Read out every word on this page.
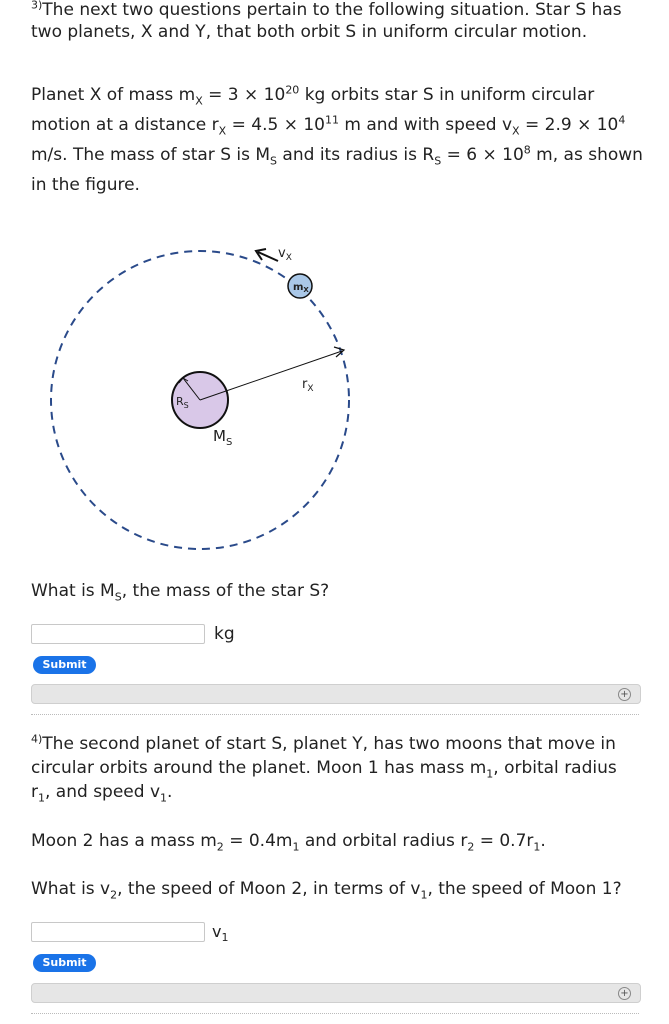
$^{3)}$The next two questions pertain to the following situation. Star S has two planets, X and Y, that both orbit S in uniform circular motion.
Planet X of mass $m_X = 3 \times 10^{20}$ kg orbits star S in uniform circular
motion at a distance $r_X = 4.5 \times 10^{11}$ m and with speed $v_X = 2.9 \times 10^4$
m/s. The mass of star S is $M_S$ and its radius is $R_S = 6 \times 10^8$ m, as shown
in the figure.
$v_X$
$m_X$
$r_X$
$R_S$
$M_S$
What is $M_S$, the mass of the star S?
kg
Submit
+
$^{4)}$The second planet of start S, planet Y, has two moons that move in
circular orbits around the planet. Moon 1 has mass $m_1$, orbital radius
$r_1$, and speed $v_1$.
Moon 2 has a mass $m_2 = 0.4m_1$ and orbital radius $r_2 = 0.7r_1$.
What is $v_2$, the speed of Moon 2, in terms of $v_1$, the speed of Moon 1?
$v_1$
Submit
+
